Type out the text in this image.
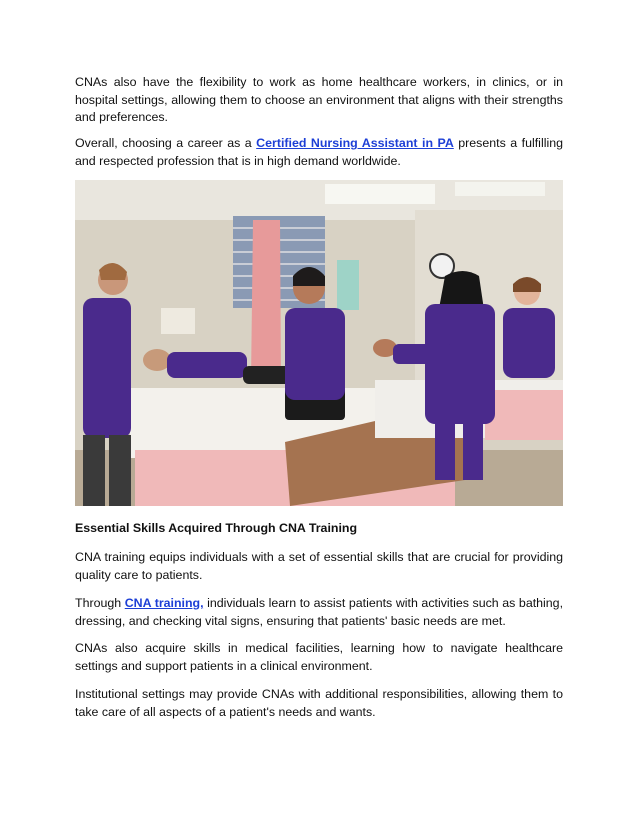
CNAs also have the flexibility to work as home healthcare workers, in clinics, or in hospital settings, allowing them to choose an environment that aligns with their strengths and preferences.

Overall, choosing a career as a Certified Nursing Assistant in PA presents a fulfilling and respected profession that is in high demand worldwide.

Essential Skills Acquired Through CNA Training

CNA training equips individuals with a set of essential skills that are crucial for providing quality care to patients.

Through CNA training, individuals learn to assist patients with activities such as bathing, dressing, and checking vital signs, ensuring that patients' basic needs are met.

CNAs also acquire skills in medical facilities, learning how to navigate healthcare settings and support patients in a clinical environment.

Institutional settings may provide CNAs with additional responsibilities, allowing them to take care of all aspects of a patient's needs and wants.
